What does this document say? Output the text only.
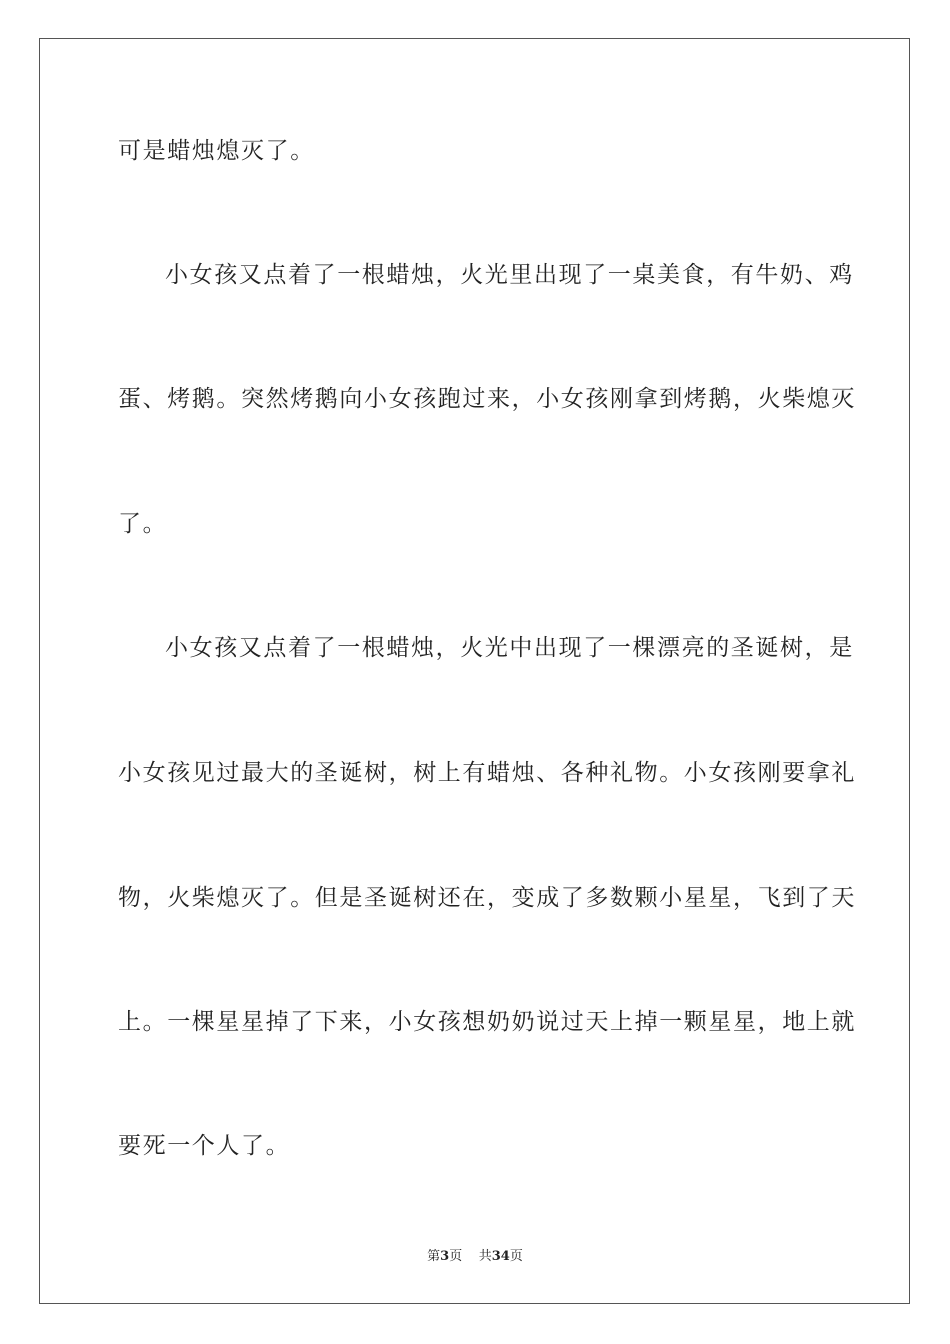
可是蜡烛熄灭了。
小女孩又点着了一根蜡烛，火光里出现了一桌美食，有牛奶、鸡
蛋、烤鹅。突然烤鹅向小女孩跑过来，小女孩刚拿到烤鹅，火柴熄灭
了。
小女孩又点着了一根蜡烛，火光中出现了一棵漂亮的圣诞树，是
小女孩见过最大的圣诞树，树上有蜡烛、各种礼物。小女孩刚要拿礼
物，火柴熄灭了。但是圣诞树还在，变成了多数颗小星星，飞到了天
上。一棵星星掉了下来，小女孩想奶奶说过天上掉一颗星星，地上就
要死一个人了。
第3页 共34页
